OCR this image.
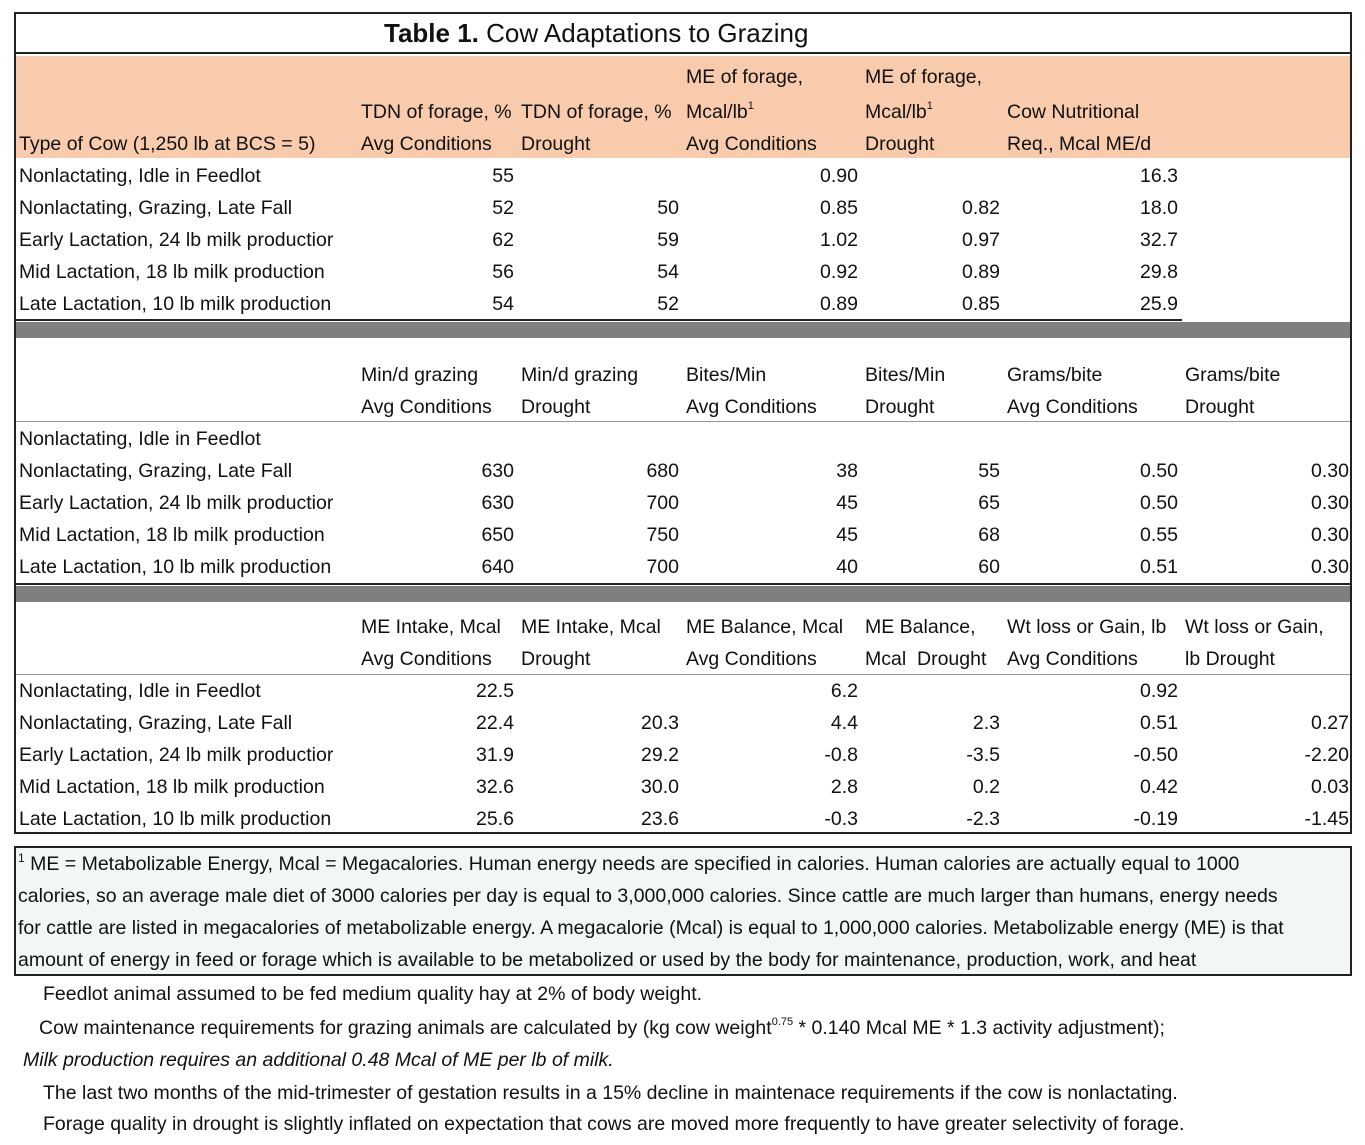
Table 1. Cow Adaptations to Grazing
Type of Cow (1,250 lb at BCS = 5)
TDN of forage, %
Avg Conditions
TDN of forage, %
Drought
ME of forage,
Mcal/$lb^1$
Avg Conditions
ME of forage,
Mcal/$lb^1$
Drought
Cow Nutritional
Req., Mcal ME/d
Nonlactating, Idle in Feedlot
Nonlactating, Grazing, Late Fall
Early Lactation, 24 lb milk productior
Mid Lactation, 18 lb milk production
Late Lactation, 10 lb milk production
55
52
62
56
54
50
59
54
52
0.90
0.85
1.02
0.92
0.89
0.82
0.97
0.89
0.85
16.3
18.0
32.7
29.8
25.9
Min/d grazing
Avg Conditions
Min/d grazing
Drought
Bites/Min
Avg Conditions
Bites/Min
Drought
Grams/bite
Avg Conditions
Grams/bite
Drought
Nonlactating, Idle in Feedlot
Nonlactating, Grazing, Late Fall
Early Lactation, 24 lb milk productior
Mid Lactation, 18 lb milk production
Late Lactation, 10 lb milk production
630
630
650
640
680
700
750
700
38
45
45
40
55
65
68
60
0.50
0.50
0.55
0.51
0.30
0.30
0.30
0.30
ME Intake, Mcal
Avg Conditions
ME Intake, Mcal
Drought
ME Balance, Mcal
Avg Conditions
ME Balance,
Mcal  Drought
Wt loss or Gain, lb
Avg Conditions
Wt loss or Gain,
lb Drought
Nonlactating, Idle in Feedlot
Nonlactating, Grazing, Late Fall
Early Lactation, 24 lb milk productior
Mid Lactation, 18 lb milk production
Late Lactation, 10 lb milk production
22.5
22.4
31.9
32.6
25.6
20.3
29.2
30.0
23.6
6.2
4.4
-0.8
2.8
-0.3
2.3
-3.5
0.2
-2.3
0.92
0.51
-0.50
0.42
-0.19
0.27
-2.20
0.03
-1.45
$^1$ ME = Metabolizable Energy, Mcal = Megacalories. Human energy needs are specified in calories. Human calories are actually equal to 1000
calories, so an average male diet of 3000 calories per day is equal to 3,000,000 calories. Since cattle are much larger than humans, energy needs
for cattle are listed in megacalories of metabolizable energy. A megacalorie (Mcal) is equal to 1,000,000 calories. Metabolizable energy (ME) is that
amount of energy in feed or forage which is available to be metabolized or used by the body for maintenance, production, work, and heat
Feedlot animal assumed to be fed medium quality hay at 2% of body weight.
Cow maintenance requirements for grazing animals are calculated by (kg cow weight$^{0.75}$ * 0.140 Mcal ME * 1.3 activity adjustment);
Milk production requires an additional 0.48 Mcal of ME per lb of milk.
The last two months of the mid-trimester of gestation results in a 15% decline in maintenace requirements if the cow is nonlactating.
Forage quality in drought is slightly inflated on expectation that cows are moved more frequently to have greater selectivity of forage.
